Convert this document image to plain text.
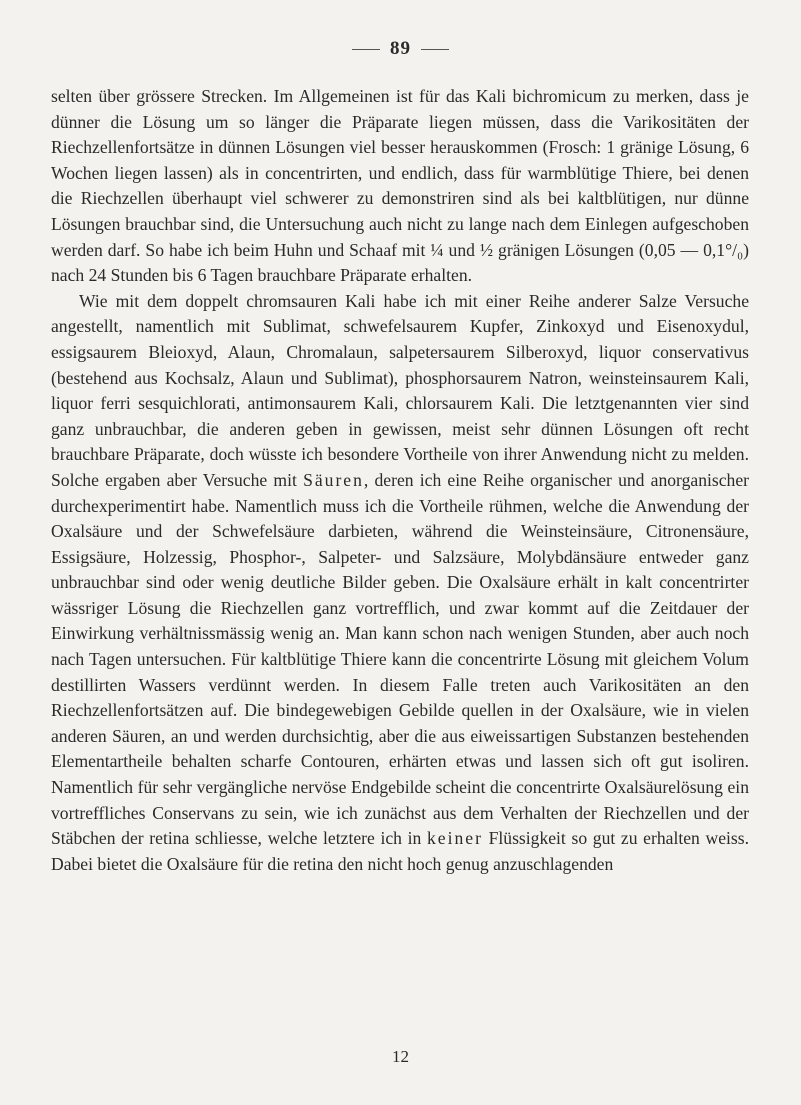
89

selten über grössere Strecken. Im Allgemeinen ist für das Kali bichromicum zu merken, dass je dünner die Lösung um so länger die Präparate liegen müssen, dass die Varikositäten der Riechzellenfortsätze in dünnen Lösungen viel besser herauskommen (Frosch: 1 gränige Lösung, 6 Wochen liegen lassen) als in concentrirten, und endlich, dass für warmblütige Thiere, bei denen die Riechzellen überhaupt viel schwerer zu demonstriren sind als bei kaltblütigen, nur dünne Lösungen brauchbar sind, die Untersuchung auch nicht zu lange nach dem Einlegen aufgeschoben werden darf. So habe ich beim Huhn und Schaaf mit ¼ und ½ gränigen Lösungen (0,05 — 0,1°/₀) nach 24 Stunden bis 6 Tagen brauchbare Präparate erhalten.

Wie mit dem doppelt chromsauren Kali habe ich mit einer Reihe anderer Salze Versuche angestellt, namentlich mit Sublimat, schwefelsaurem Kupfer, Zinkoxyd und Eisenoxydul, essigsaurem Bleioxyd, Alaun, Chromalaun, salpetersaurem Silberoxyd, liquor conservativus (bestehend aus Kochsalz, Alaun und Sublimat), phosphorsaurem Natron, weinsteinsaurem Kali, liquor ferri sesquichlorati, antimonsaurem Kali, chlorsaurem Kali. Die letztgenannten vier sind ganz unbrauchbar, die anderen geben in gewissen, meist sehr dünnen Lösungen oft recht brauchbare Präparate, doch wüsste ich besondere Vortheile von ihrer Anwendung nicht zu melden. Solche ergaben aber Versuche mit Säuren, deren ich eine Reihe organischer und anorganischer durchexperimentirt habe. Namentlich muss ich die Vortheile rühmen, welche die Anwendung der Oxalsäure und der Schwefelsäure darbieten, während die Weinsteinsäure, Citronensäure, Essigsäure, Holzessig, Phosphor-, Salpeter- und Salzsäure, Molybdänsäure entweder ganz unbrauchbar sind oder wenig deutliche Bilder geben. Die Oxalsäure erhält in kalt concentrirter wässriger Lösung die Riechzellen ganz vortrefflich, und zwar kommt auf die Zeitdauer der Einwirkung verhältnissmässig wenig an. Man kann schon nach wenigen Stunden, aber auch noch nach Tagen untersuchen. Für kaltblütige Thiere kann die concentrirte Lösung mit gleichem Volum destillirten Wassers verdünnt werden. In diesem Falle treten auch Varikositäten an den Riechzellenfortsätzen auf. Die bindegewebigen Gebilde quellen in der Oxalsäure, wie in vielen anderen Säuren, an und werden durchsichtig, aber die aus eiweissartigen Substanzen bestehenden Elementartheile behalten scharfe Contouren, erhärten etwas und lassen sich oft gut isoliren. Namentlich für sehr vergängliche nervöse Endgebilde scheint die concentrirte Oxalsäurelösung ein vortreffliches Conservans zu sein, wie ich zunächst aus dem Verhalten der Riechzellen und der Stäbchen der retina schliesse, welche letztere ich in keiner Flüssigkeit so gut zu erhalten weiss. Dabei bietet die Oxalsäure für die retina den nicht hoch genug anzuschlagenden

12
